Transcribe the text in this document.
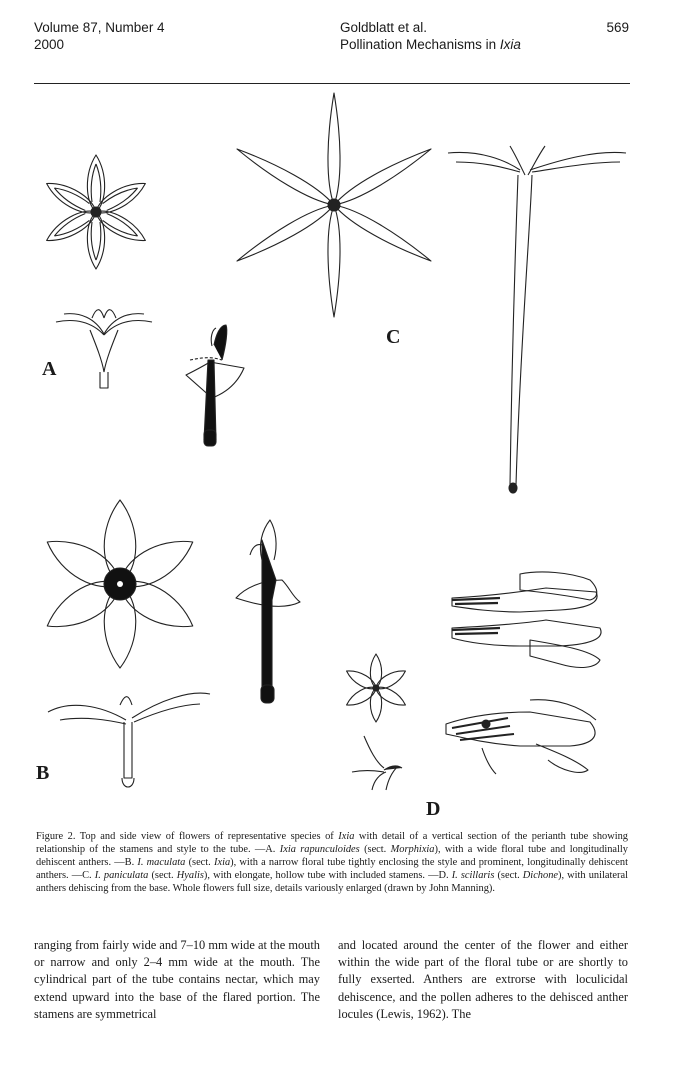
Volume 87, Number 4
2000
Goldblatt et al.
Pollination Mechanisms in Ixia
569
A
C
B
D
Figure 2. Top and side view of flowers of representative species of Ixia with detail of a vertical section of the perianth tube showing relationship of the stamens and style to the tube. —A. Ixia rapunculoides (sect. Morphixia), with a wide floral tube and longitudinally dehiscent anthers. —B. I. maculata (sect. Ixia), with a narrow floral tube tightly enclosing the style and prominent, longitudinally dehiscent anthers. —C. I. paniculata (sect. Hyalis), with elongate, hollow tube with included stamens. —D. I. scillaris (sect. Dichone), with unilateral anthers dehiscing from the base. Whole flowers full size, details variously enlarged (drawn by John Manning).
ranging from fairly wide and 7–10 mm wide at the mouth or narrow and only 2–4 mm wide at the mouth. The cylindrical part of the tube contains nectar, which may extend upward into the base of the flared portion. The stamens are symmetrical
and located around the center of the flower and either within the wide part of the floral tube or are shortly to fully exserted. Anthers are extrorse with loculicidal dehiscence, and the pollen adheres to the dehisced anther locules (Lewis, 1962). The
